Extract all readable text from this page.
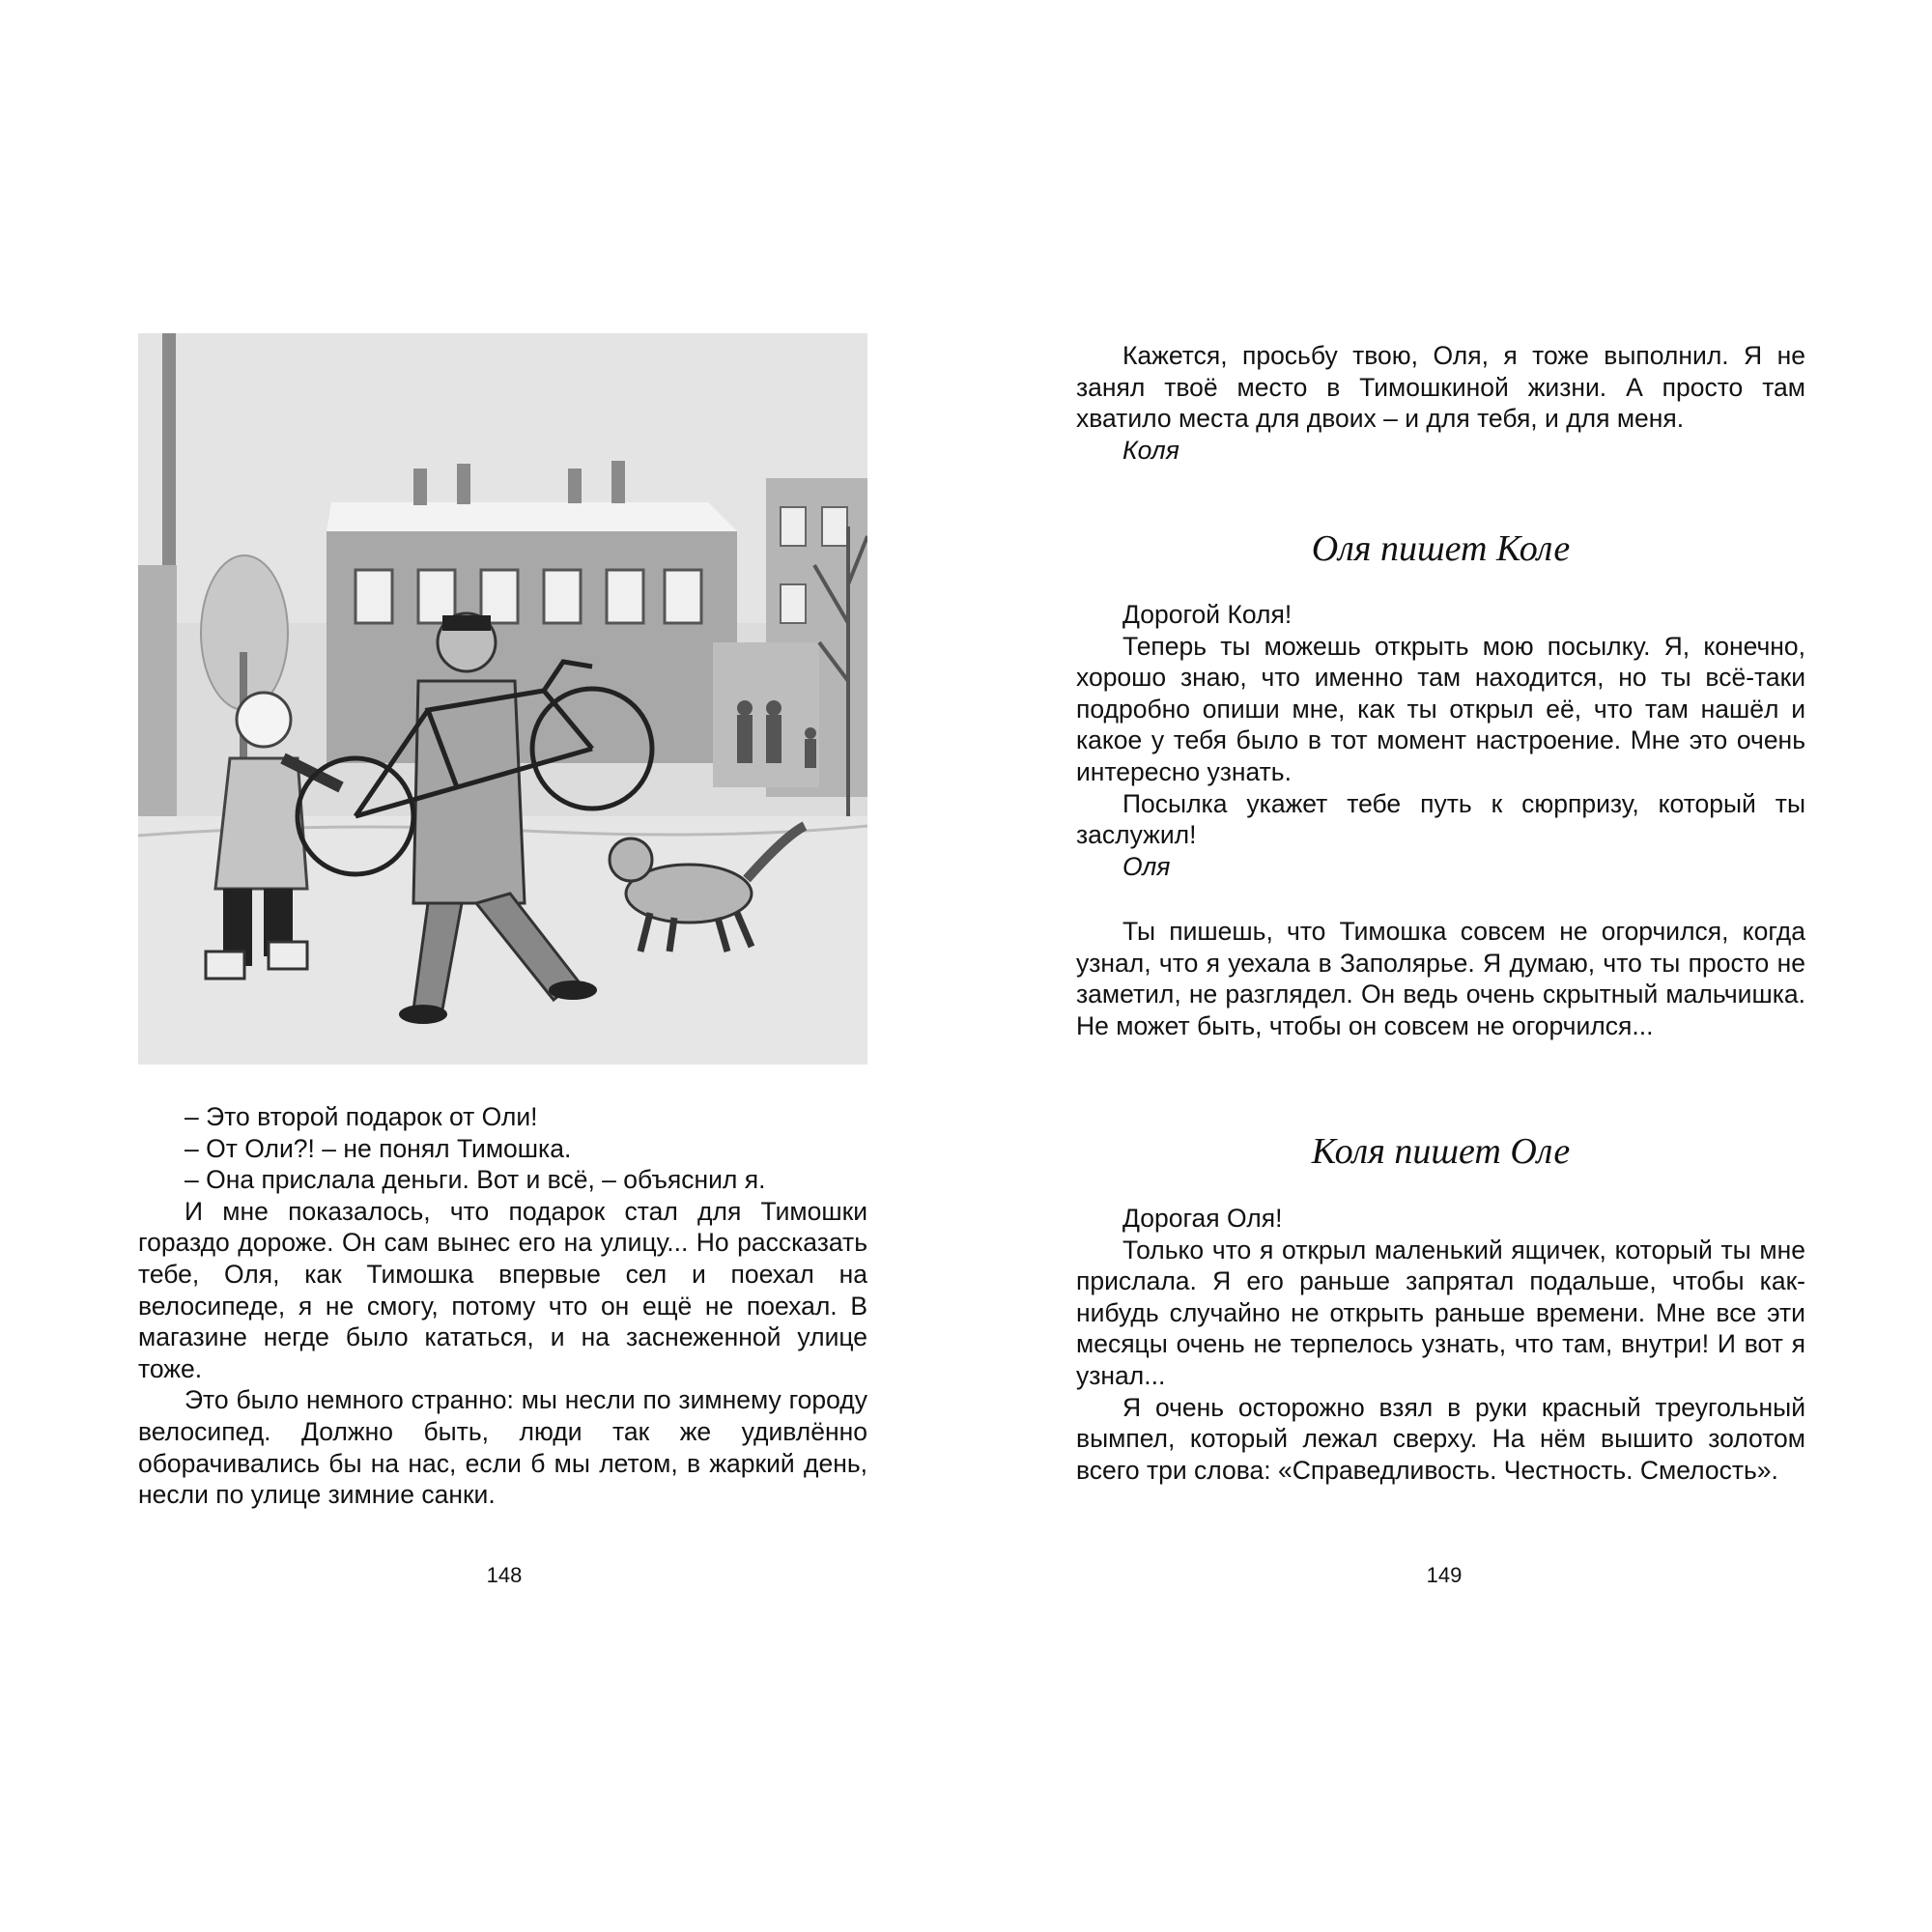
– Это второй подарок от Оли!

– От Оли?! – не понял Тимошка.

– Она прислала деньги. Вот и всё, – объяснил я.

И мне показалось, что подарок стал для Тимошки гораздо дороже. Он сам вынес его на улицу... Но рассказать тебе, Оля, как Тимошка впервые сел и поехал на велосипеде, я не смогу, потому что он ещё не поехал. В магазине негде было кататься, и на заснеженной улице тоже.

Это было немного странно: мы несли по зимнему городу велосипед. Должно быть, люди так же удивлённо оборачивались бы на нас, если б мы летом, в жаркий день, несли по улице зимние санки.

148

Кажется, просьбу твою, Оля, я тоже выполнил. Я не занял твоё место в Тимошкиной жизни. А просто там хватило места для двоих – и для тебя, и для меня.

Коля

Оля пишет Коле

Дорогой Коля!

Теперь ты можешь открыть мою посылку. Я, конечно, хорошо знаю, что именно там находится, но ты всё-таки подробно опиши мне, как ты открыл её, что там нашёл и какое у тебя было в тот момент настроение. Мне это очень интересно узнать.

Посылка укажет тебе путь к сюрпризу, который ты заслужил!

Оля

Ты пишешь, что Тимошка совсем не огорчился, когда узнал, что я уехала в Заполярье. Я думаю, что ты просто не заметил, не разглядел. Он ведь очень скрытный мальчишка. Не может быть, чтобы он совсем не огорчился...

Коля пишет Оле

Дорогая Оля!

Только что я открыл маленький ящичек, который ты мне прислала. Я его раньше запрятал подальше, чтобы как-нибудь случайно не открыть раньше времени. Мне все эти месяцы очень не терпелось узнать, что там, внутри! И вот я узнал...

Я очень осторожно взял в руки красный треугольный вымпел, который лежал сверху. На нём вышито золотом всего три слова: «Справедливость. Честность. Смелость».

149
